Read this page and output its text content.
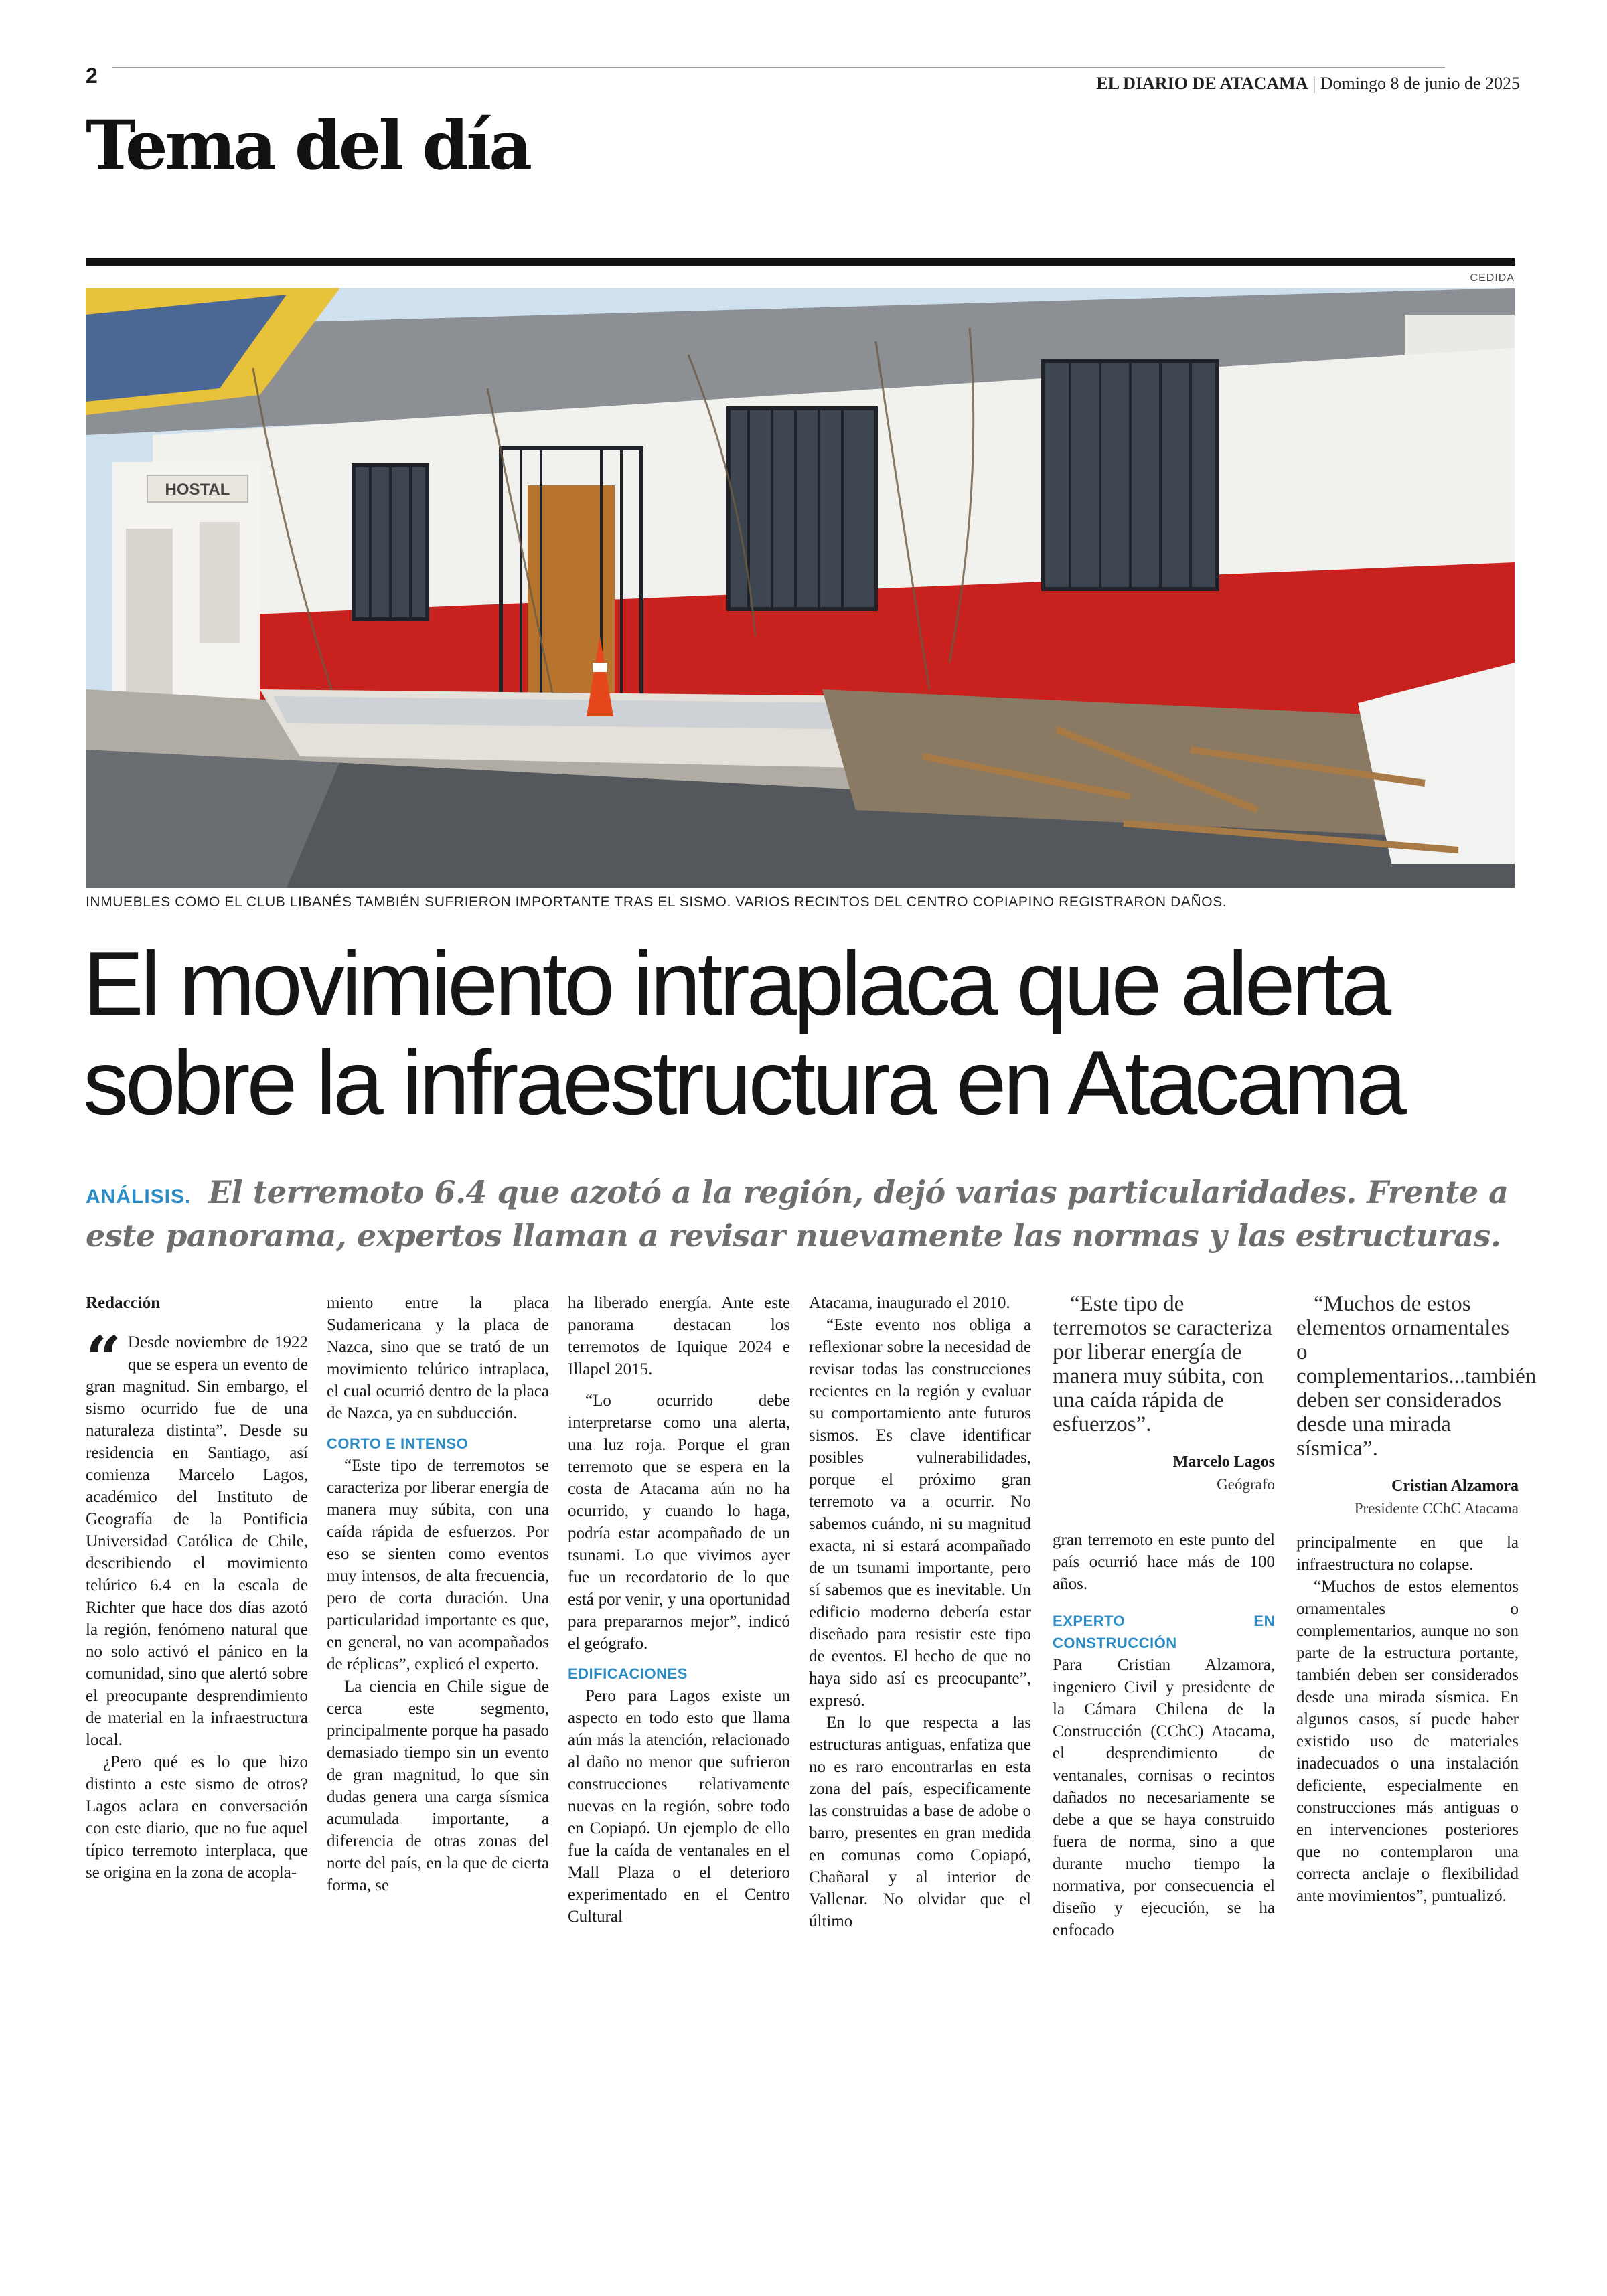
2	EL DIARIO DE ATACAMA | Domingo 8 de junio de 2025
Tema del día
CEDIDA
HOSTAL
INMUEBLES COMO EL CLUB LIBANÉS TAMBIÉN SUFRIERON IMPORTANTE TRAS EL SISMO. VARIOS RECINTOS DEL CENTRO COPIAPINO REGISTRARON DAÑOS.
El movimiento intraplaca que alerta
sobre la infraestructura en Atacama
ANÁLISIS. El terremoto 6.4 que azotó a la región, dejó varias particularidades. Frente a este panorama, expertos llaman a revisar nuevamente las normas y las estructuras.

Redacción

“ Desde noviembre de 1922 que se espera un evento de gran magnitud. Sin embargo, el sismo ocurrido fue de una naturaleza distinta”. Desde su residencia en Santiago, así comienza Marcelo Lagos, académico del Instituto de Geografía de la Pontificia Universidad Católica de Chile, describiendo el movimiento telúrico 6.4 en la escala de Richter que hace dos días azotó la región, fenómeno natural que no solo activó el pánico en la comunidad, sino que alertó sobre el preocupante desprendimiento de material en la infraestructura local.

¿Pero qué es lo que hizo distinto a este sismo de otros? Lagos aclara en conversación con este diario, que no fue aquel típico terremoto interplaca, que se origina en la zona de acopla-

miento entre la placa Sudamericana y la placa de Nazca, sino que se trató de un movimiento telúrico intraplaca, el cual ocurrió dentro de la placa de Nazca, ya en subducción.

CORTO E INTENSO

“Este tipo de terremotos se caracteriza por liberar energía de manera muy súbita, con una caída rápida de esfuerzos. Por eso se sienten como eventos muy intensos, de alta frecuencia, pero de corta duración. Una particularidad importante es que, en general, no van acompañados de réplicas”, explicó el experto.

La ciencia en Chile sigue de cerca este segmento, principalmente porque ha pasado demasiado tiempo sin un evento de gran magnitud, lo que sin dudas genera una carga sísmica acumulada importante, a diferencia de otras zonas del norte del país, en la que de cierta forma, se

ha liberado energía. Ante este panorama destacan los terremotos de Iquique 2024 e Illapel 2015.

“Lo ocurrido debe interpretarse como una alerta, una luz roja. Porque el gran terremoto que se espera en la costa de Atacama aún no ha ocurrido, y cuando lo haga, podría estar acompañado de un tsunami. Lo que vivimos ayer fue un recordatorio de lo que está por venir, y una oportunidad para prepararnos mejor”, indicó el geógrafo.

EDIFICACIONES

Pero para Lagos existe un aspecto en todo esto que llama aún más la atención, relacionado al daño no menor que sufrieron construcciones relativamente nuevas en la región, sobre todo en Copiapó. Un ejemplo de ello fue la caída de ventanales en el Mall Plaza o el deterioro experimentado en el Centro Cultural

Atacama, inaugurado el 2010.

“Este evento nos obliga a reflexionar sobre la necesidad de revisar todas las construcciones recientes en la región y evaluar su comportamiento ante futuros sismos. Es clave identificar posibles vulnerabilidades, porque el próximo gran terremoto va a ocurrir. No sabemos cuándo, ni su magnitud exacta, ni si estará acompañado de un tsunami importante, pero sí sabemos que es inevitable. Un edificio moderno debería estar diseñado para resistir este tipo de eventos. El hecho de que no haya sido así es preocupante”, expresó.

En lo que respecta a las estructuras antiguas, enfatiza que no es raro encontrarlas en esta zona del país, especificamente las construidas a base de adobe o barro, presentes en gran medida en comunas como Copiapó, Chañaral y al interior de Vallenar. No olvidar que el último

“Este tipo de terremotos se caracteriza por liberar energía de manera muy súbita, con una caída rápida de esfuerzos”.

Marcelo Lagos

Geógrafo

gran terremoto en este punto del país ocurrió hace más de 100 años.

EXPERTO EN CONSTRUCCIÓN

Para Cristian Alzamora, ingeniero Civil y presidente de la Cámara Chilena de la Construcción (CChC) Atacama, el desprendimiento de ventanales, cornisas o recintos dañados no necesariamente se debe a que se haya construido fuera de norma, sino a que durante mucho tiempo la normativa, por consecuencia el diseño y ejecución, se ha enfocado

“Muchos de estos elementos ornamentales o complementarios...también deben ser considerados desde una mirada sísmica”.

Cristian Alzamora

Presidente CChC Atacama

principalmente en que la infraestructura no colapse.

“Muchos de estos elementos ornamentales o complementarios, aunque no son parte de la estructura portante, también deben ser considerados desde una mirada sísmica. En algunos casos, sí puede haber existido uso de materiales inadecuados o una instalación deficiente, especialmente en construcciones más antiguas o en intervenciones posteriores que no contemplaron una correcta anclaje o flexibilidad ante movimientos”, puntualizó.
